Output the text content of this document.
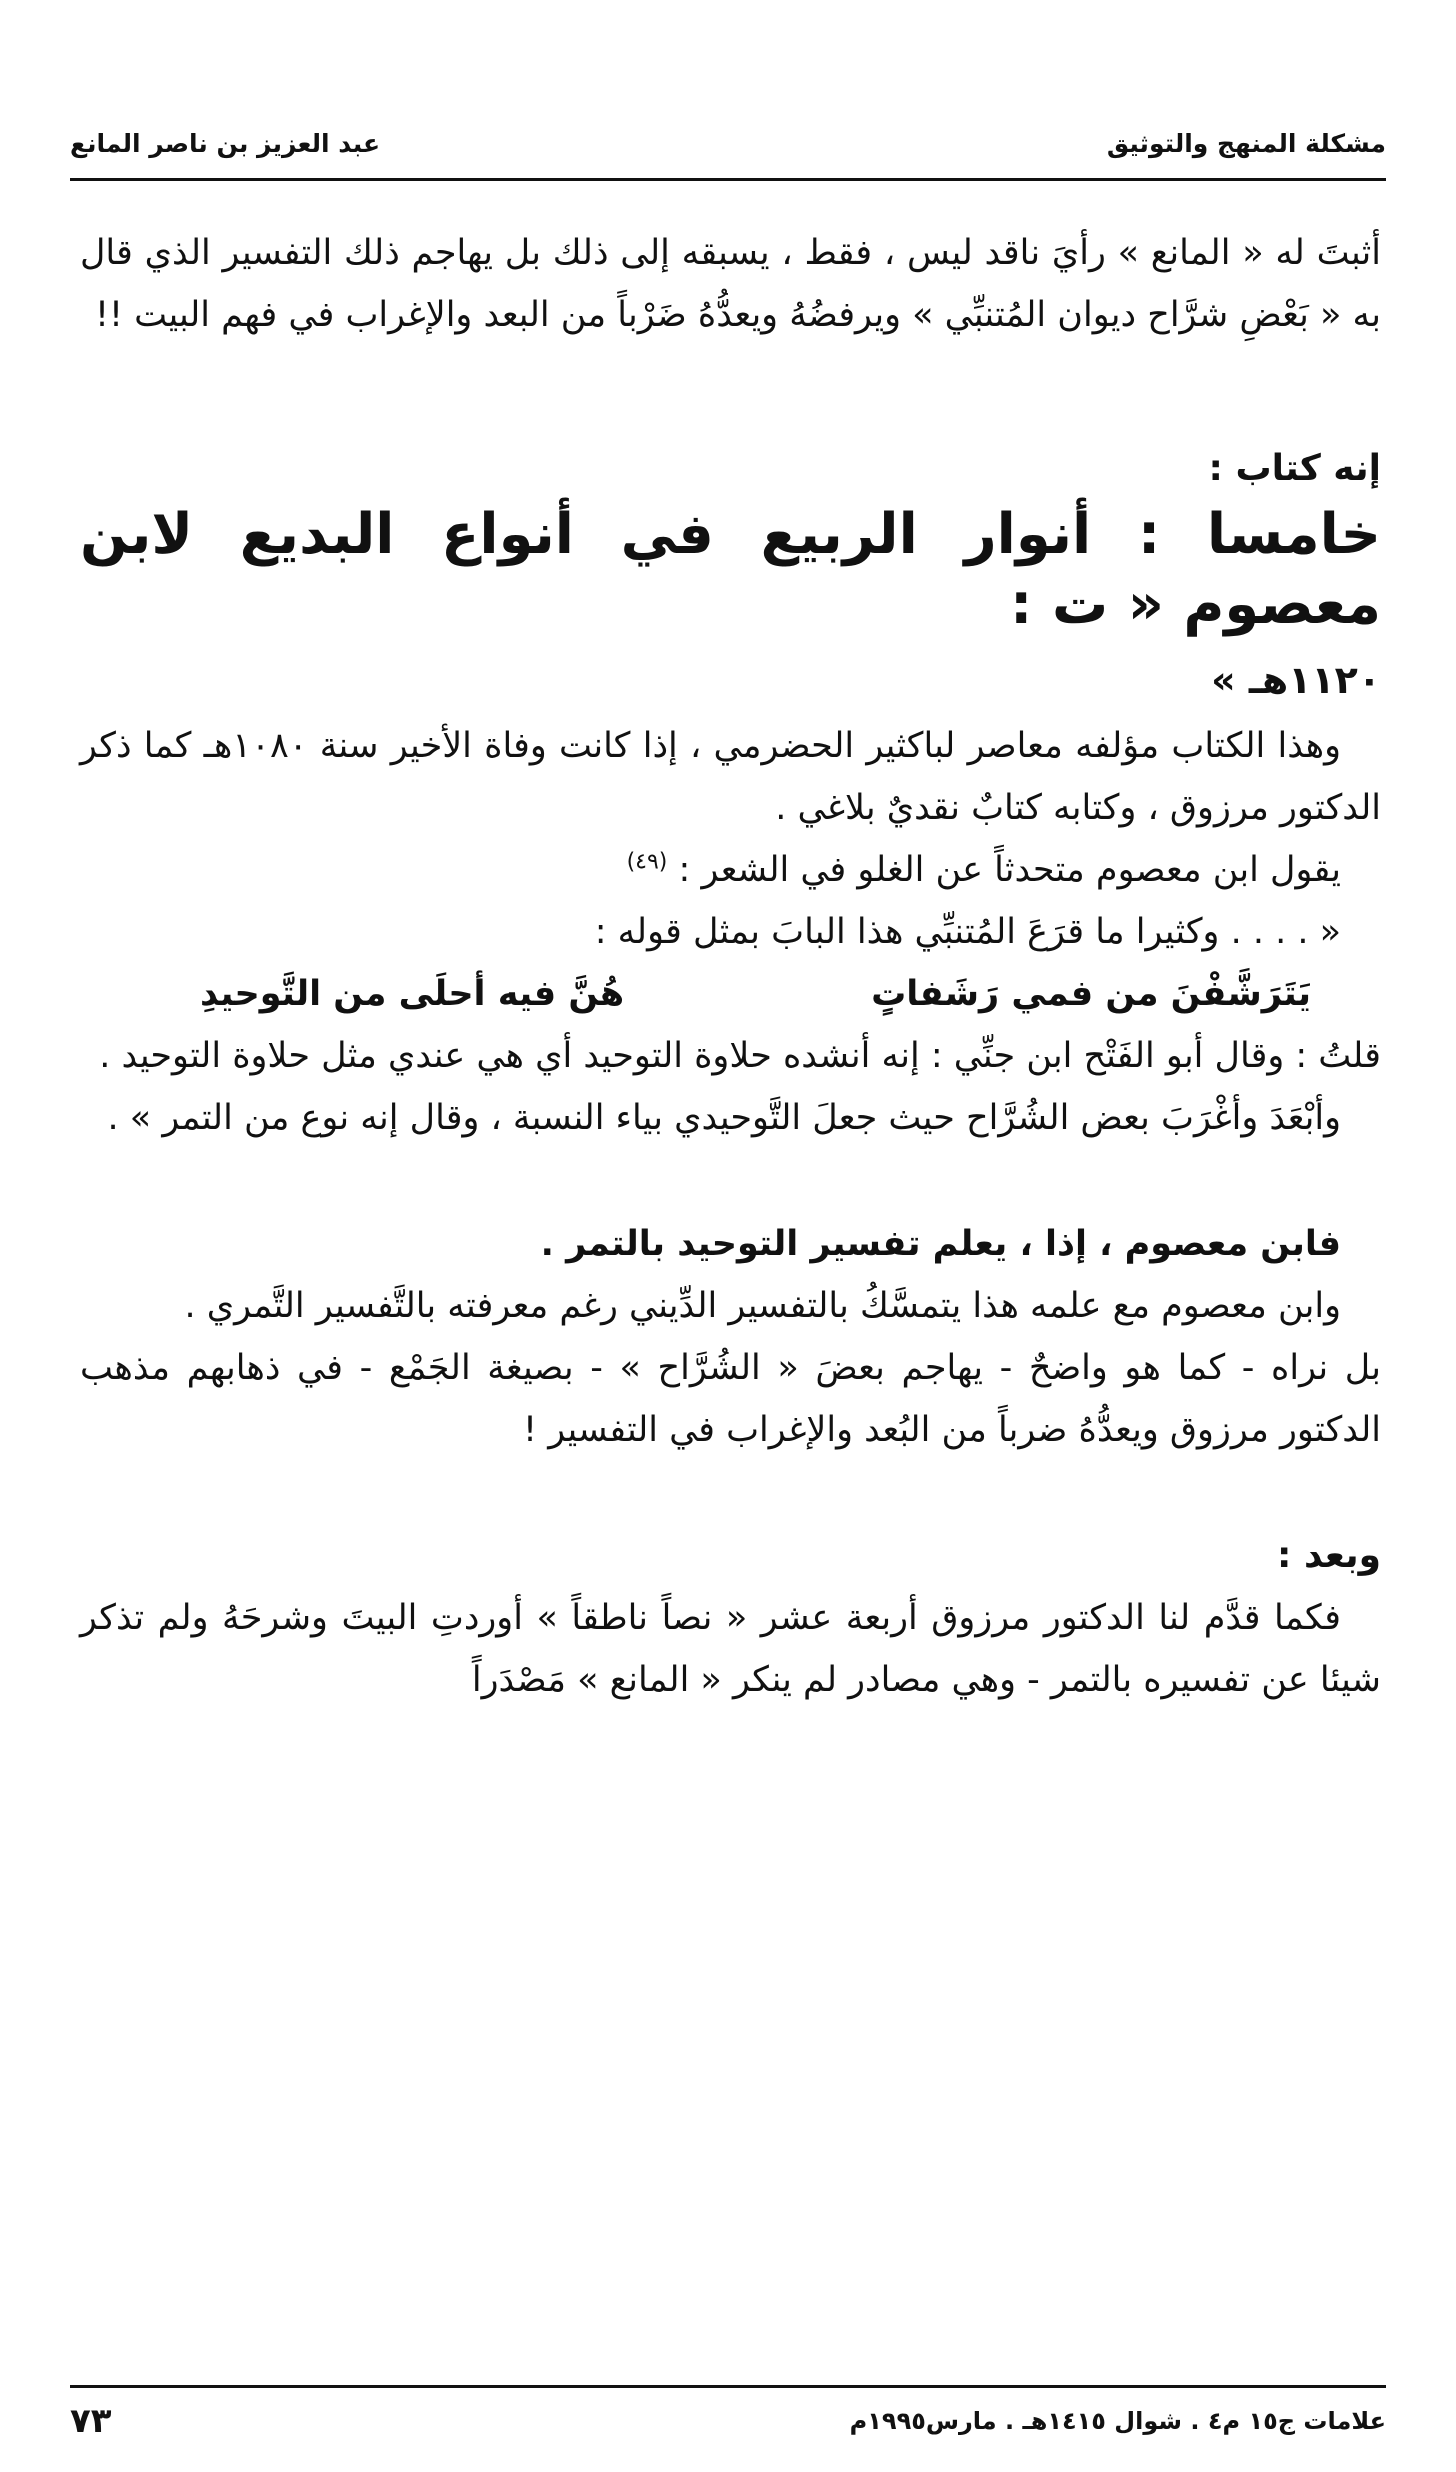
مشكلة المنهج والتوثيق
عبد العزيز بن ناصر المانع

أثبتَ له « المانع » رأيَ ناقد ليس ، فقط ، يسبقه إلى ذلك بل يهاجم ذلك التفسير الذي قال به « بَعْضِ شرَّاح ديوان المُتنبِّي » ويرفضُهُ ويعدُّهُ ضَرْباً من البعد والإغراب في فهم البيت !!

إنه كتاب :

خامسا : أنوار الربيع في أنواع البديع لابن معصوم « ت :
١١٢٠هـ »

وهذا الكتاب مؤلفه معاصر لباكثير الحضرمي ، إذا كانت وفاة الأخير سنة ١٠٨٠هـ كما ذكر الدكتور مرزوق ، وكتابه كتابٌ نقديٌ بلاغي .

يقول ابن معصوم متحدثاً عن الغلو في الشعر : $^{(٤٩)}$

« . . . . وكثيرا ما قرَعَ المُتنبِّي هذا البابَ بمثل قوله :

يَتَرَشَّفْنَ من فمي رَشَفاتٍ
هُنَّ فيه أحلَى من التَّوحيدِ

قلتُ : وقال أبو الفَتْح ابن جنِّي : إنه أنشده حلاوة التوحيد أي هي عندي مثل حلاوة التوحيد .

وأبْعَدَ وأغْرَبَ بعض الشُرَّاح حيث جعلَ التَّوحيدي بياء النسبة ، وقال إنه نوع من التمر » .

فابن معصوم ، إذا ، يعلم تفسير التوحيد بالتمر .

وابن معصوم مع علمه هذا يتمسَّكُ بالتفسير الدِّيني رغم معرفته بالتَّفسير التَّمري .

بل نراه - كما هو واضحٌ - يهاجم بعضَ « الشُرَّاح » - بصيغة الجَمْع - في ذهابهم مذهب الدكتور مرزوق ويعدُّهُ ضرباً من البُعد والإغراب في التفسير !

وبعد :

فكما قدَّم لنا الدكتور مرزوق أربعة عشر « نصاً ناطقاً » أوردتِ البيتَ وشرحَهُ ولم تذكر شيئا عن تفسيره بالتمر - وهي مصادر لم ينكر « المانع » مَصْدَراً

علامات ج١٥ م٤ . شوال ١٤١٥هـ . مارس١٩٩٥م
٧٣
